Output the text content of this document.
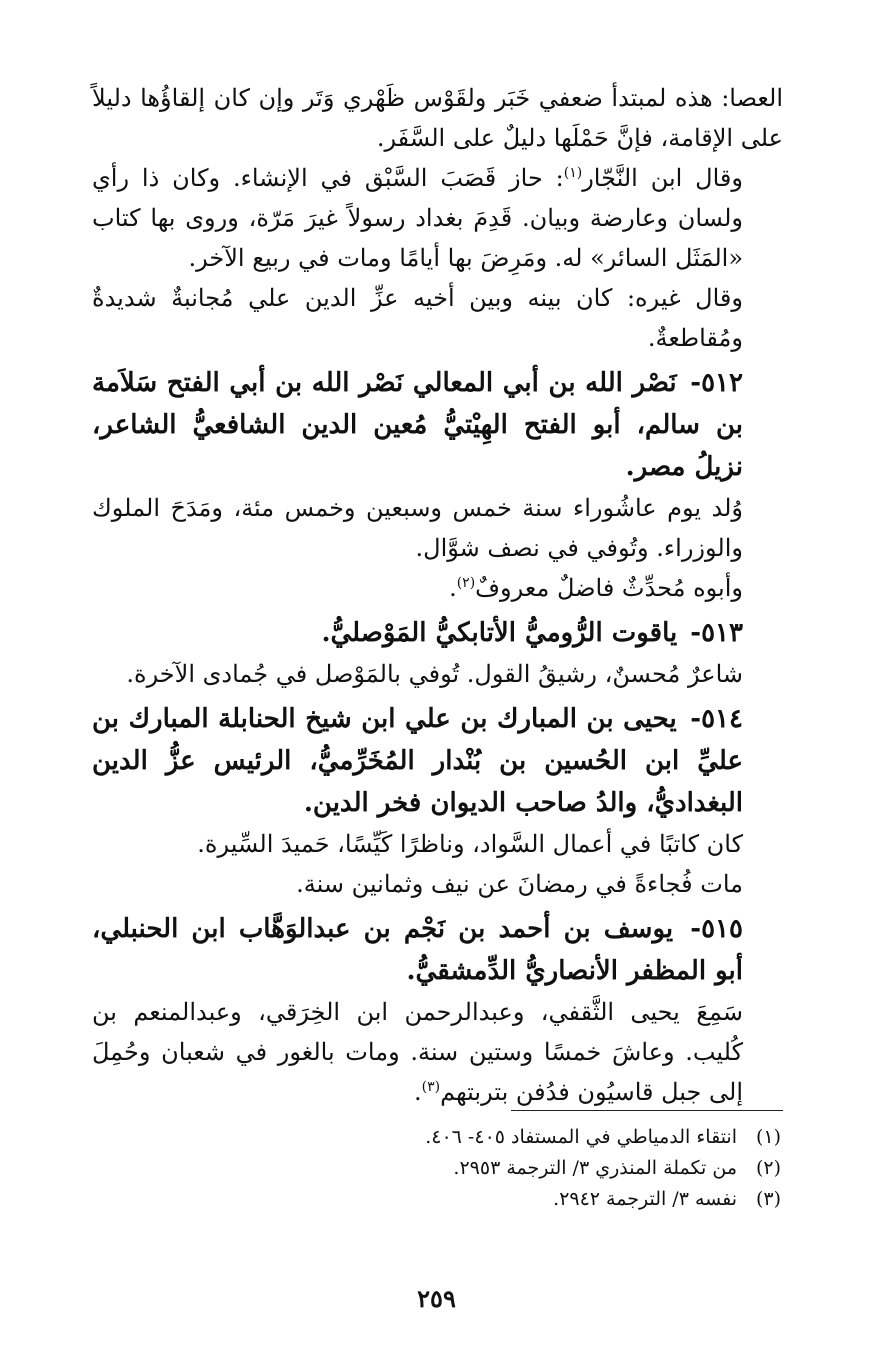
العصا: هذه لمبتدأ ضعفي خَبَر ولقَوْس ظَهْري وَتَر وإن كان إلقاؤُها دليلاً على الإقامة، فإنَّ حَمْلَها دليلٌ على السَّفَر.

وقال ابن النَّجّار$^{(١)}$: حاز قَصَبَ السَّبْق في الإنشاء. وكان ذا رأي ولسان وعارضة وبيان. قَدِمَ بغداد رسولاً غيرَ مَرّة، وروى بها كتاب «المَثَل السائر» له. ومَرِضَ بها أيامًا ومات في ربيع الآخر.

وقال غيره: كان بينه وبين أخيه عزِّ الدين علي مُجانبةٌ شديدةٌ ومُقاطعةٌ.

٥١٢- نَصْر الله بن أبي المعالي نَصْر الله بن أبي الفتح سَلاَمة بن سالم، أبو الفتح الهِيْتيُّ مُعين الدين الشافعيُّ الشاعر، نزيلُ مصر.

وُلد يوم عاشُوراء سنة خمس وسبعين وخمس مئة، ومَدَحَ الملوك والوزراء. وتُوفي في نصف شوَّال.

وأبوه مُحدِّثٌ فاضلٌ معروفٌ$^{(٢)}$.

٥١٣- ياقوت الرُّوميُّ الأتابكيُّ المَوْصليُّ.

شاعرٌ مُحسنٌ، رشيقُ القول. تُوفي بالمَوْصل في جُمادى الآخرة.

٥١٤- يحيى بن المبارك بن علي ابن شيخ الحنابلة المبارك بن عليِّ ابن الحُسين بن بُنْدار المُخَرِّميُّ، الرئيس عزُّ الدين البغداديُّ، والدُ صاحب الديوان فخر الدين.

كان كاتبًا في أعمال السَّواد، وناظرًا كَيِّسًا، حَميدَ السِّيرة.

مات فُجاءةً في رمضانَ عن نيف وثمانين سنة.

٥١٥- يوسف بن أحمد بن نَجْم بن عبدالوَهَّاب ابن الحنبلي، أبو المظفر الأنصاريُّ الدِّمشقيُّ.

سَمِعَ يحيى الثَّقفي، وعبدالرحمن ابن الخِرَقي، وعبدالمنعم بن كُليب. وعاشَ خمسًا وستين سنة. ومات بالغور في شعبان وحُمِلَ إلى جبل قاسيُون فدُفن بتربتهم$^{(٣)}$.

(١)
انتقاء الدمياطي في المستفاد ٤٠٥- ٤٠٦.
(٢)
من تكملة المنذري ٣/ الترجمة ٢٩٥٣.
(٣)
نفسه ٣/ الترجمة ٢٩٤٢.
٢٥٩
